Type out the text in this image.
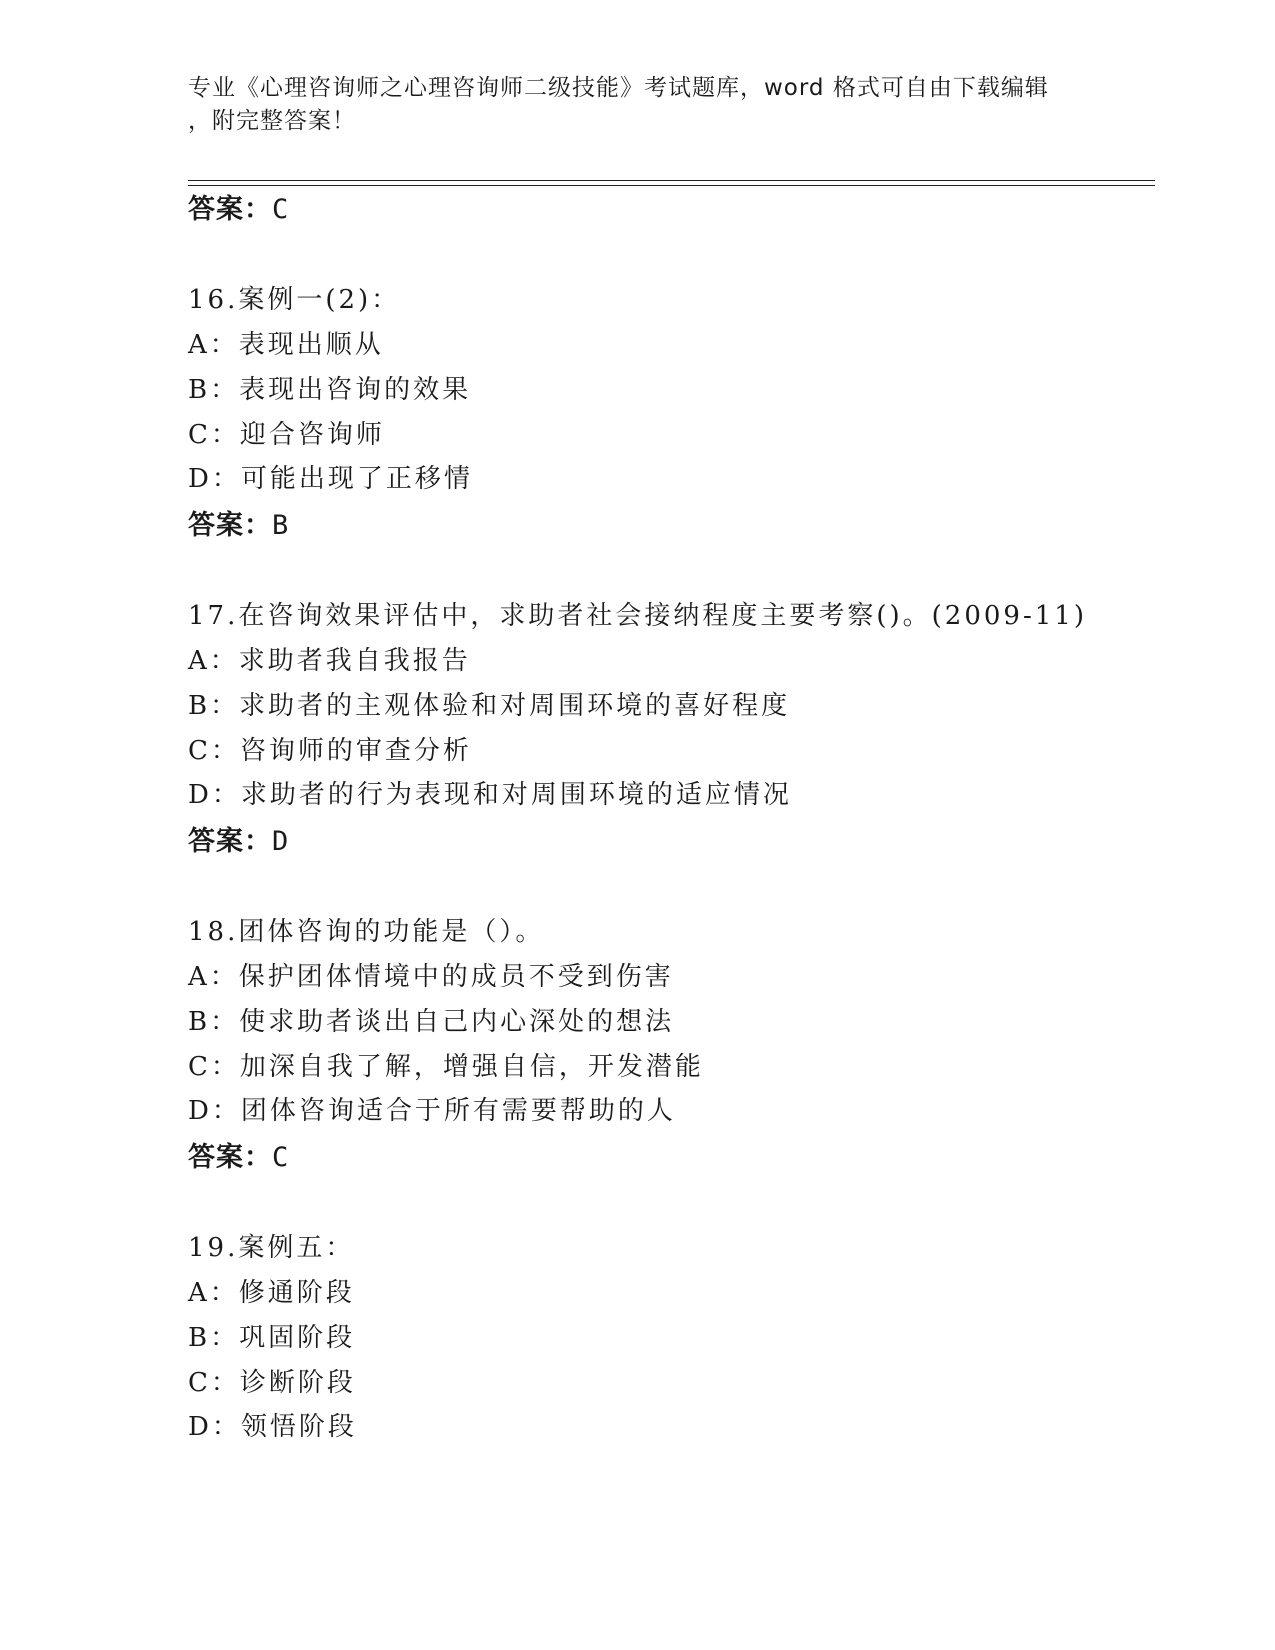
专业《心理咨询师之心理咨询师二级技能》考试题库，word 格式可自由下载编辑
，附完整答案！
答案：C
16.案例一(2)：
A：表现出顺从
B：表现出咨询的效果
C：迎合咨询师
D：可能出现了正移情
答案：B
17.在咨询效果评估中，求助者社会接纳程度主要考察()。(2009-11)
A：求助者我自我报告
B：求助者的主观体验和对周围环境的喜好程度
C：咨询师的审查分析
D：求助者的行为表现和对周围环境的适应情况
答案：D
18.团体咨询的功能是（）。
A：保护团体情境中的成员不受到伤害
B：使求助者谈出自己内心深处的想法
C：加深自我了解，增强自信，开发潜能
D：团体咨询适合于所有需要帮助的人
答案：C
19.案例五：
A：修通阶段
B：巩固阶段
C：诊断阶段
D：领悟阶段
